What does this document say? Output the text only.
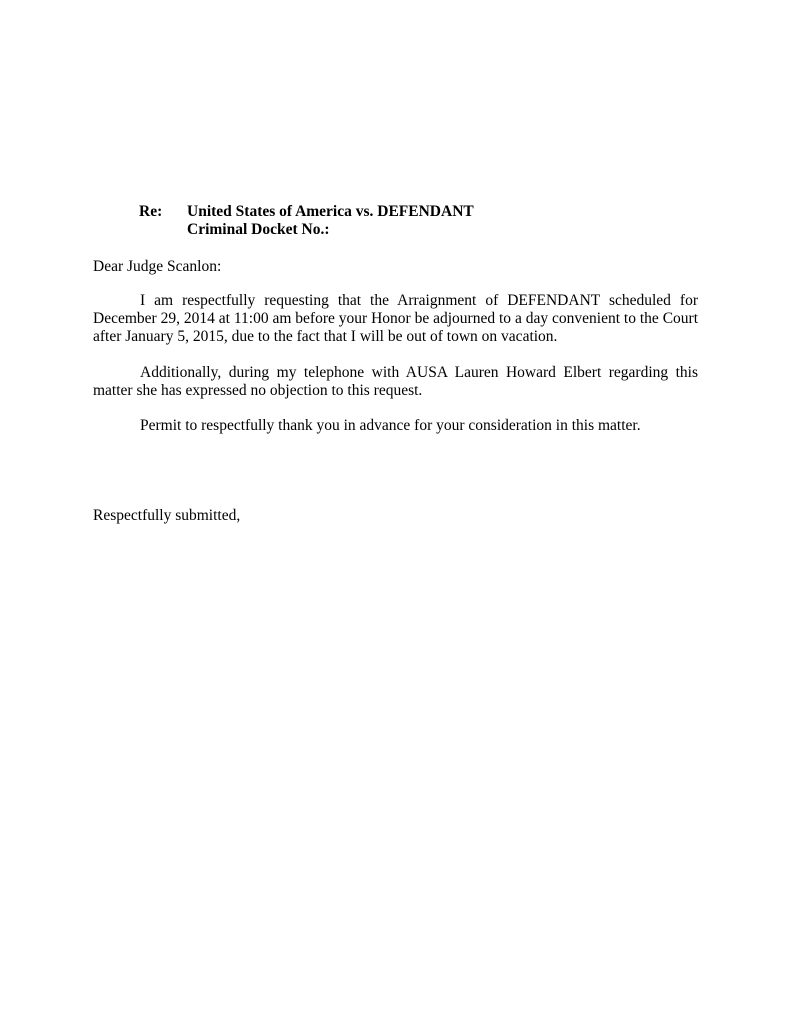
Re:	United States of America vs. DEFENDANT
Criminal Docket No.:
Dear Judge Scanlon:

I am respectfully requesting that the Arraignment of DEFENDANT scheduled for December 29, 2014 at 11:00 am before your Honor be adjourned to a day convenient to the Court after January 5, 2015, due to the fact that I will be out of town on vacation.

Additionally, during my telephone with AUSA Lauren Howard Elbert regarding this matter she has expressed no objection to this request.

Permit to respectfully thank you in advance for your consideration in this matter.

Respectfully submitted,
